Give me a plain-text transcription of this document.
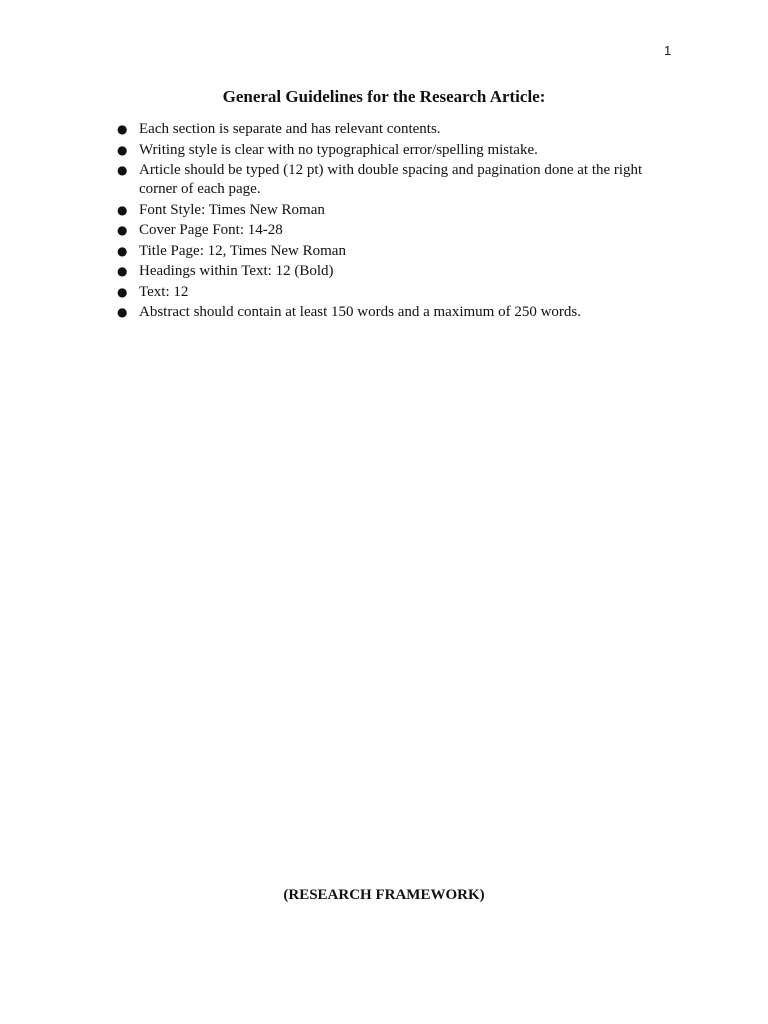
1
General Guidelines for the Research Article:
● Each section is separate and has relevant contents.
● Writing style is clear with no typographical error/spelling mistake.
● Article should be typed (12 pt) with double spacing and pagination done at the right corner of each page.
● Font Style: Times New Roman
● Cover Page Font: 14-28
● Title Page: 12, Times New Roman
● Headings within Text: 12 (Bold)
● Text: 12
● Abstract should contain at least 150 words and a maximum of 250 words.

(RESEARCH FRAMEWORK)
